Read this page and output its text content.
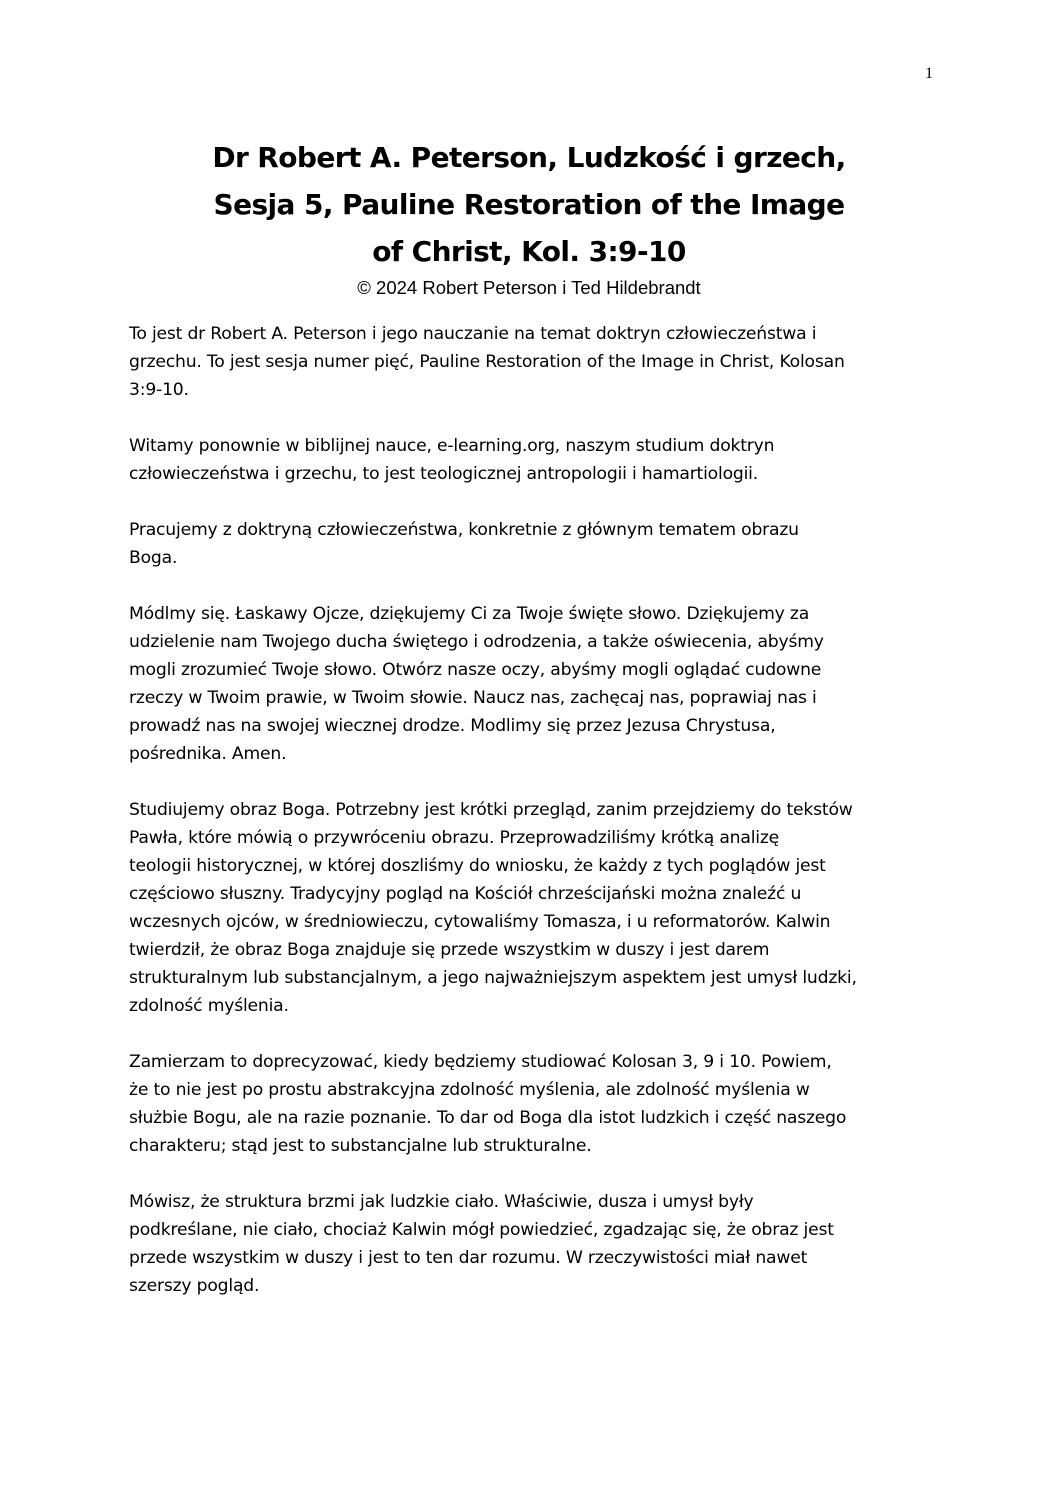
1
Dr Robert A. Peterson, Ludzkość i grzech,
Sesja 5, Pauline Restoration of the Image
of Christ, Kol. 3:9-10
© 2024 Robert Peterson i Ted Hildebrandt

To jest dr Robert A. Peterson i jego nauczanie na temat doktryn człowieczeństwa i
grzechu. To jest sesja numer pięć, Pauline Restoration of the Image in Christ, Kolosan
3:9-10.

Witamy ponownie w biblijnej nauce, e-learning.org, naszym studium doktryn
człowieczeństwa i grzechu, to jest teologicznej antropologii i hamartiologii.

Pracujemy z doktryną człowieczeństwa, konkretnie z głównym tematem obrazu
Boga.

Módlmy się. Łaskawy Ojcze, dziękujemy Ci za Twoje święte słowo. Dziękujemy za
udzielenie nam Twojego ducha świętego i odrodzenia, a także oświecenia, abyśmy
mogli zrozumieć Twoje słowo. Otwórz nasze oczy, abyśmy mogli oglądać cudowne
rzeczy w Twoim prawie, w Twoim słowie. Naucz nas, zachęcaj nas, poprawiaj nas i
prowadź nas na swojej wiecznej drodze. Modlimy się przez Jezusa Chrystusa,
pośrednika. Amen.

Studiujemy obraz Boga. Potrzebny jest krótki przegląd, zanim przejdziemy do tekstów
Pawła, które mówią o przywróceniu obrazu. Przeprowadziliśmy krótką analizę
teologii historycznej, w której doszliśmy do wniosku, że każdy z tych poglądów jest
częściowo słuszny. Tradycyjny pogląd na Kościół chrześcijański można znaleźć u
wczesnych ojców, w średniowieczu, cytowaliśmy Tomasza, i u reformatorów. Kalwin
twierdził, że obraz Boga znajduje się przede wszystkim w duszy i jest darem
strukturalnym lub substancjalnym, a jego najważniejszym aspektem jest umysł ludzki,
zdolność myślenia.

Zamierzam to doprecyzować, kiedy będziemy studiować Kolosan 3, 9 i 10. Powiem,
że to nie jest po prostu abstrakcyjna zdolność myślenia, ale zdolność myślenia w
służbie Bogu, ale na razie poznanie. To dar od Boga dla istot ludzkich i część naszego
charakteru; stąd jest to substancjalne lub strukturalne.

Mówisz, że struktura brzmi jak ludzkie ciało. Właściwie, dusza i umysł były
podkreślane, nie ciało, chociaż Kalwin mógł powiedzieć, zgadzając się, że obraz jest
przede wszystkim w duszy i jest to ten dar rozumu. W rzeczywistości miał nawet
szerszy pogląd.
